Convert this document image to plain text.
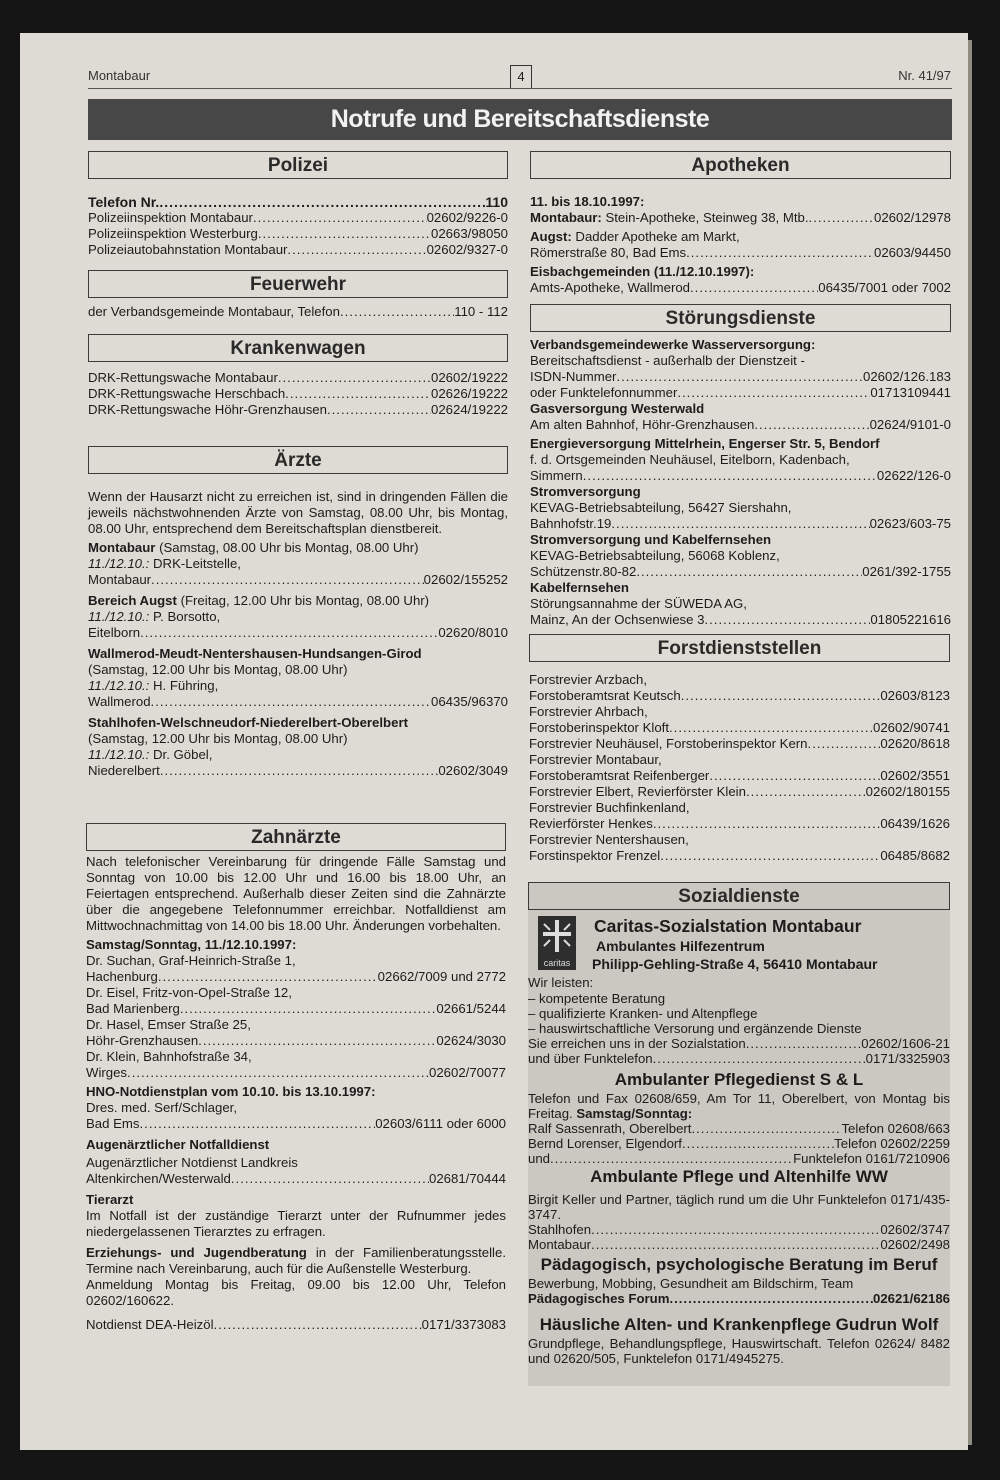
Montabaur	4	Nr. 41/97
Notrufe und Bereitschaftsdienste
Polizei
Telefon Nr. .....	110
Polizeiinspektion Montabaur .....	02602/9226-0
Polizeiinspektion Westerburg .....	02663/98050
Polizeiautobahnstation Montabaur .....	02602/9327-0
Feuerwehr
der Verbandsgemeinde Montabaur, Telefon .....	110 - 112
Krankenwagen
DRK-Rettungswache Montabaur .....	02602/19222
DRK-Rettungswache Herschbach .....	02626/19222
DRK-Rettungswache Höhr-Grenzhausen .....	02624/19222
Ärzte
Wenn der Hausarzt nicht zu erreichen ist, sind in dringenden Fällen die jeweils nächstwohnenden Ärzte von Samstag, 08.00 Uhr, bis Montag, 08.00 Uhr, entsprechend dem Bereitschaftsplan dienstbereit.
Montabaur (Samstag, 08.00 Uhr bis Montag, 08.00 Uhr)
11./12.10.: DRK-Leitstelle,
Montabaur .....	02602/155252
Bereich Augst (Freitag, 12.00 Uhr bis Montag, 08.00 Uhr)
11./12.10.: P. Borsotto,
Eitelborn .....	02620/8010
Wallmerod-Meudt-Nentershausen-Hundsangen-Girod
(Samstag, 12.00 Uhr bis Montag, 08.00 Uhr)
11./12.10.: H. Führing,
Wallmerod .....	06435/96370
Stahlhofen-Welschneudorf-Niederelbert-Oberelbert
(Samstag, 12.00 Uhr bis Montag, 08.00 Uhr)
11./12.10.: Dr. Göbel,
Niederelbert .....	02602/3049
Zahnärzte
Nach telefonischer Vereinbarung für dringende Fälle Samstag und Sonntag von 10.00 bis 12.00 Uhr und 16.00 bis 18.00 Uhr, an Feiertagen entsprechend. Außerhalb dieser Zeiten sind die Zahnärzte über die angegebene Telefonnummer erreichbar. Notfalldienst am Mittwochnachmittag von 14.00 bis 18.00 Uhr. Änderungen vorbehalten.
Samstag/Sonntag, 11./12.10.1997:
Dr. Suchan, Graf-Heinrich-Straße 1,
Hachenburg .....	02662/7009 und 2772
Dr. Eisel, Fritz-von-Opel-Straße 12,
Bad Marienberg .....	02661/5244
Dr. Hasel, Emser Straße 25,
Höhr-Grenzhausen .....	02624/3030
Dr. Klein, Bahnhofstraße 34,
Wirges .....	02602/70077
HNO-Notdienstplan vom 10.10. bis 13.10.1997:
Dres. med. Serf/Schlager,
Bad Ems .....	02603/6111 oder 6000
Augenärztlicher Notfalldienst
Augenärztlicher Notdienst Landkreis
Altenkirchen/Westerwald .....	02681/70444
Tierarzt
Im Notfall ist der zuständige Tierarzt unter der Rufnummer jedes niedergelassenen Tierarztes zu erfragen.
Erziehungs- und Jugendberatung in der Familienberatungsstelle. Termine nach Vereinbarung, auch für die Außenstelle Westerburg.
Anmeldung Montag bis Freitag, 09.00 bis 12.00 Uhr, Telefon 02602/160622.
Notdienst DEA-Heizöl .....	0171/3373083
Apotheken
11. bis 18.10.1997:
Montabaur: Stein-Apotheke, Steinweg 38, Mtb. .....	02602/12978
Augst: Dadder Apotheke am Markt,
Römerstraße 80, Bad Ems .....	02603/94450
Eisbachgemeinden (11./12.10.1997):
Amts-Apotheke, Wallmerod .....	06435/7001 oder 7002
Störungsdienste
Verbandsgemeindewerke Wasserversorgung:
Bereitschaftsdienst - außerhalb der Dienstzeit -
ISDN-Nummer .....	02602/126.183
oder Funktelefonnummer .....	01713109441
Gasversorgung Westerwald
Am alten Bahnhof, Höhr-Grenzhausen .....	02624/9101-0
Energieversorgung Mittelrhein, Engerser Str. 5, Bendorf
f. d. Ortsgemeinden Neuhäusel, Eitelborn, Kadenbach,
Simmern .....	02622/126-0
Stromversorgung
KEVAG-Betriebsabteilung, 56427 Siershahn,
Bahnhofstr.19 .....	02623/603-75
Stromversorgung und Kabelfernsehen
KEVAG-Betriebsabteilung, 56068 Koblenz,
Schützenstr.80-82 .....	0261/392-1755
Kabelfernsehen
Störungsannahme der SÜWEDA AG,
Mainz, An der Ochsenwiese 3 .....	01805221616
Forstdienststellen
Forstrevier Arzbach,
Forstoberamtsrat Keutsch .....	02603/8123
Forstrevier Ahrbach,
Forstoberinspektor Kloft .....	02602/90741
Forstrevier Neuhäusel, Forstoberinspektor Kern .....	02620/8618
Forstrevier Montabaur,
Forstoberamtsrat Reifenberger .....	02602/3551
Forstrevier Elbert, Revierförster Klein .....	02602/180155
Forstrevier Buchfinkenland,
Revierförster Henkes .....	06439/1626
Forstrevier Nentershausen,
Forstinspektor Frenzel .....	06485/8682
Sozialdienste
Caritas-Sozialstation Montabaur
Ambulantes Hilfezentrum
Philipp-Gehling-Straße 4, 56410 Montabaur
Wir leisten:
– kompetente Beratung
– qualifizierte Kranken- und Altenpflege
– hauswirtschaftliche Versorung und ergänzende Dienste
Sie erreichen uns in der Sozialstation .....	02602/1606-21
und über Funktelefon .....	0171/3325903
Ambulanter Pflegedienst S & L
Telefon und Fax 02608/659, Am Tor 11, Oberelbert, von Montag bis Freitag. Samstag/Sonntag:
Ralf Sassenrath, Oberelbert .....	Telefon 02608/663
Bernd Lorenser, Elgendorf .....	Telefon 02602/2259
und .....	Funktelefon 0161/7210906
Ambulante Pflege und Altenhilfe WW
Birgit Keller und Partner, täglich rund um die Uhr Funktelefon 0171/435-3747.
Stahlhofen .....	02602/3747
Montabaur .....	02602/2498
Pädagogisch, psychologische Beratung im Beruf
Bewerbung, Mobbing, Gesundheit am Bildschirm, Team
Pädagogisches Forum .....	02621/62186
Häusliche Alten- und Krankenpflege Gudrun Wolf
Grundpflege, Behandlungspflege, Hauswirtschaft. Telefon 02624/ 8482 und 02620/505, Funktelefon 0171/4945275.
caritas
